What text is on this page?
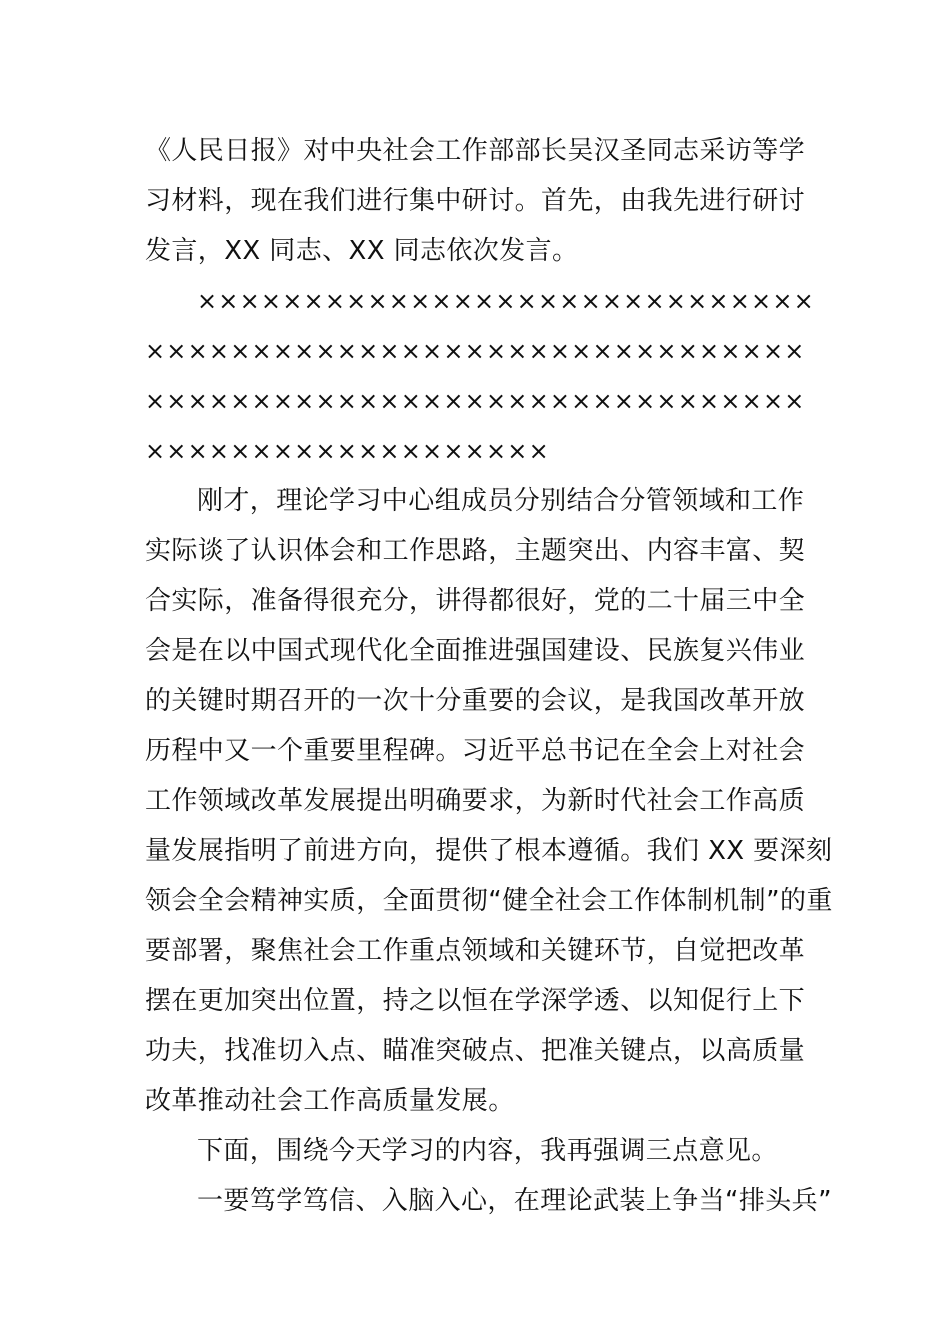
《人民日报》对中央社会工作部部长吴汉圣同志采访等学
习材料，现在我们进行集中研讨。首先，由我先进行研讨
发言，XX 同志、XX 同志依次发言。
×××××××××××××××××××××××××××××
×××××××××××××××××××××××××××××××
×××××××××××××××××××××××××××××××
×××××××××××××××××××
刚才，理论学习中心组成员分别结合分管领域和工作
实际谈了认识体会和工作思路，主题突出、内容丰富、契
合实际，准备得很充分，讲得都很好，党的二十届三中全
会是在以中国式现代化全面推进强国建设、民族复兴伟业
的关键时期召开的一次十分重要的会议，是我国改革开放
历程中又一个重要里程碑。习近平总书记在全会上对社会
工作领域改革发展提出明确要求，为新时代社会工作高质
量发展指明了前进方向，提供了根本遵循。我们 XX 要深刻
领会全会精神实质，全面贯彻“健全社会工作体制机制”的重
要部署，聚焦社会工作重点领域和关键环节，自觉把改革
摆在更加突出位置，持之以恒在学深学透、以知促行上下
功夫，找准切入点、瞄准突破点、把准关键点，以高质量
改革推动社会工作高质量发展。
下面，围绕今天学习的内容，我再强调三点意见。
一要笃学笃信、入脑入心，在理论武装上争当“排头兵”
